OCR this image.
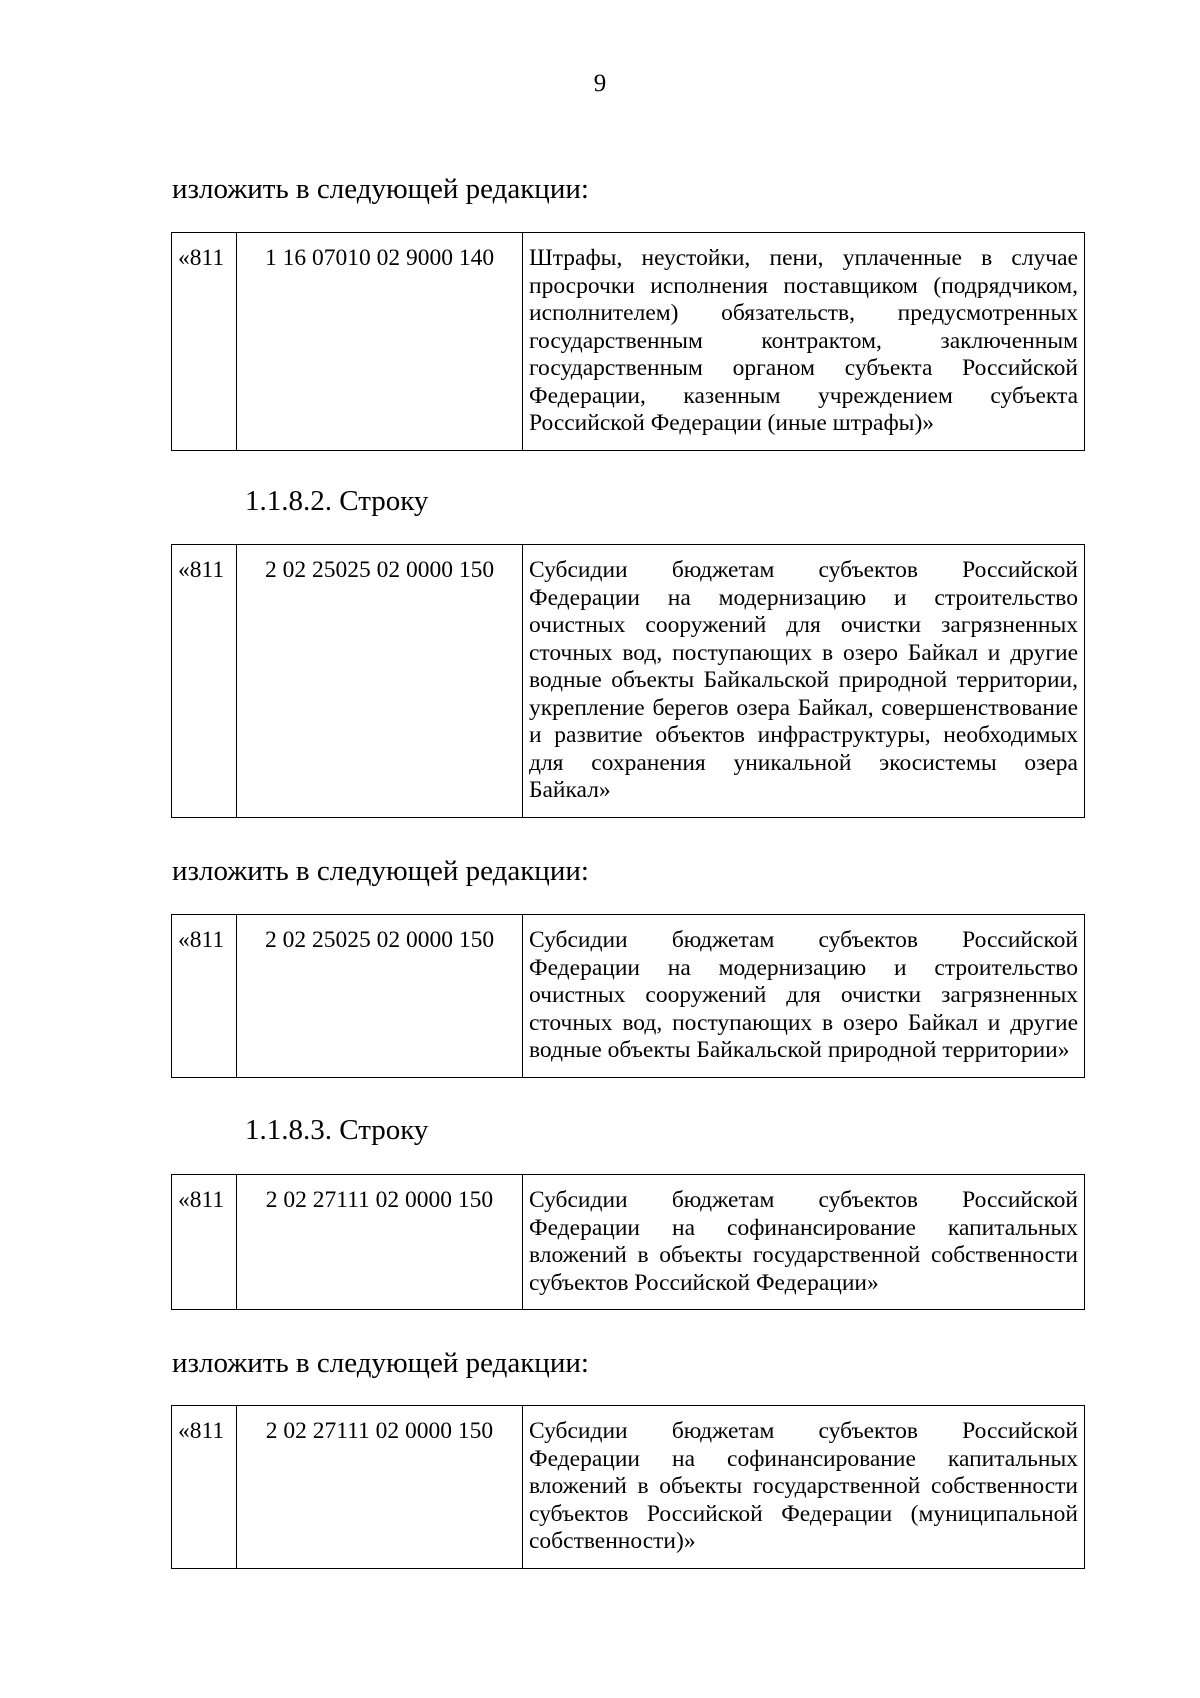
9
изложить в следующей редакции:
«811	1 16 07010 02 9000 140	Штрафы, неустойки, пени, уплаченные в случае просрочки исполнения поставщиком (подрядчиком, исполнителем) обязательств, предусмотренных государственным контрактом, заключенным государственным органом субъекта Российской Федерации, казенным учреждением субъекта Российской Федерации (иные штрафы)»
1.1.8.2. Строку
«811	2 02 25025 02 0000 150	Субсидии бюджетам субъектов Российской Федерации на модернизацию и строительство очистных сооружений для очистки загрязненных сточных вод, поступающих в озеро Байкал и другие водные объекты Байкальской природной территории, укрепление берегов озера Байкал, совершенствование и развитие объектов инфраструктуры, необходимых для сохранения уникальной экосистемы озера Байкал»
изложить в следующей редакции:
«811	2 02 25025 02 0000 150	Субсидии бюджетам субъектов Российской Федерации на модернизацию и строительство очистных сооружений для очистки загрязненных сточных вод, поступающих в озеро Байкал и другие водные объекты Байкальской природной территории»
1.1.8.3. Строку
«811	2 02 27111 02 0000 150	Субсидии бюджетам субъектов Российской Федерации на софинансирование капитальных вложений в объекты государственной собственности субъектов Российской Федерации»
изложить в следующей редакции:
«811	2 02 27111 02 0000 150	Субсидии бюджетам субъектов Российской Федерации на софинансирование капитальных вложений в объекты государственной собственности субъектов Российской Федерации (муниципальной собственности)»
